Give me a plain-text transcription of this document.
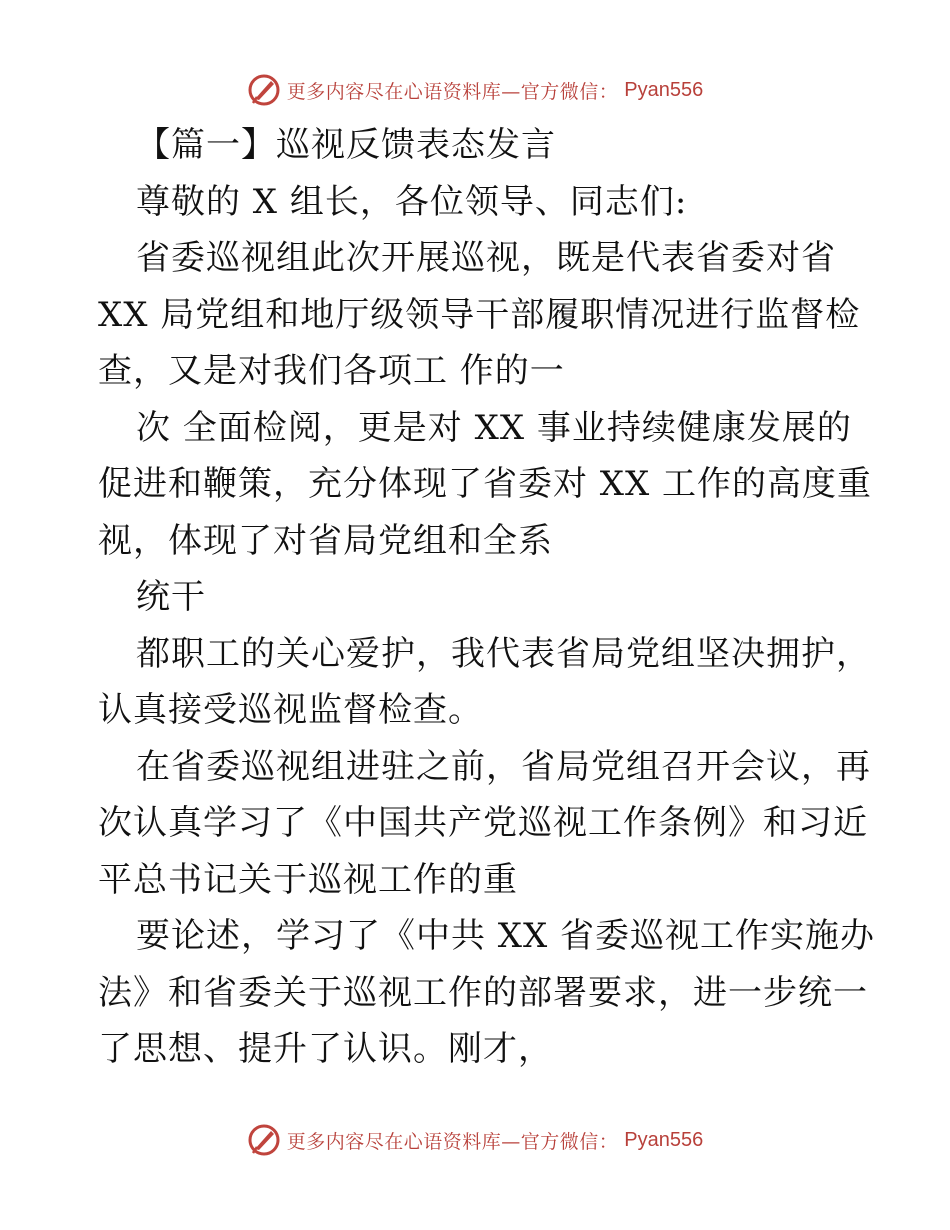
更多内容尽在心语资料库—官方微信： Pyan556
【篇一】巡视反馈表态发言
尊敬的 X 组长，各位领导、同志们:
省委巡视组此次开展巡视，既是代表省委对省
XX 局党组和地厅级领导干部履职情况进行监督检
查，又是对我们各项工 作的一
次 全面检阅，更是对 XX 事业持续健康发展的
促进和鞭策，充分体现了省委对 XX 工作的高度重
视，体现了对省局党组和全系
统干
都职工的关心爱护，我代表省局党组坚决拥护，
认真接受巡视监督检查。
在省委巡视组进驻之前，省局党组召开会议，再
次认真学习了《中国共产党巡视工作条例》和习近
平总书记关于巡视工作的重
要论述，学习了《中共 XX 省委巡视工作实施办
法》和省委关于巡视工作的部署要求，进一步统一
了思想、提升了认识。刚才，
更多内容尽在心语资料库—官方微信： Pyan556
